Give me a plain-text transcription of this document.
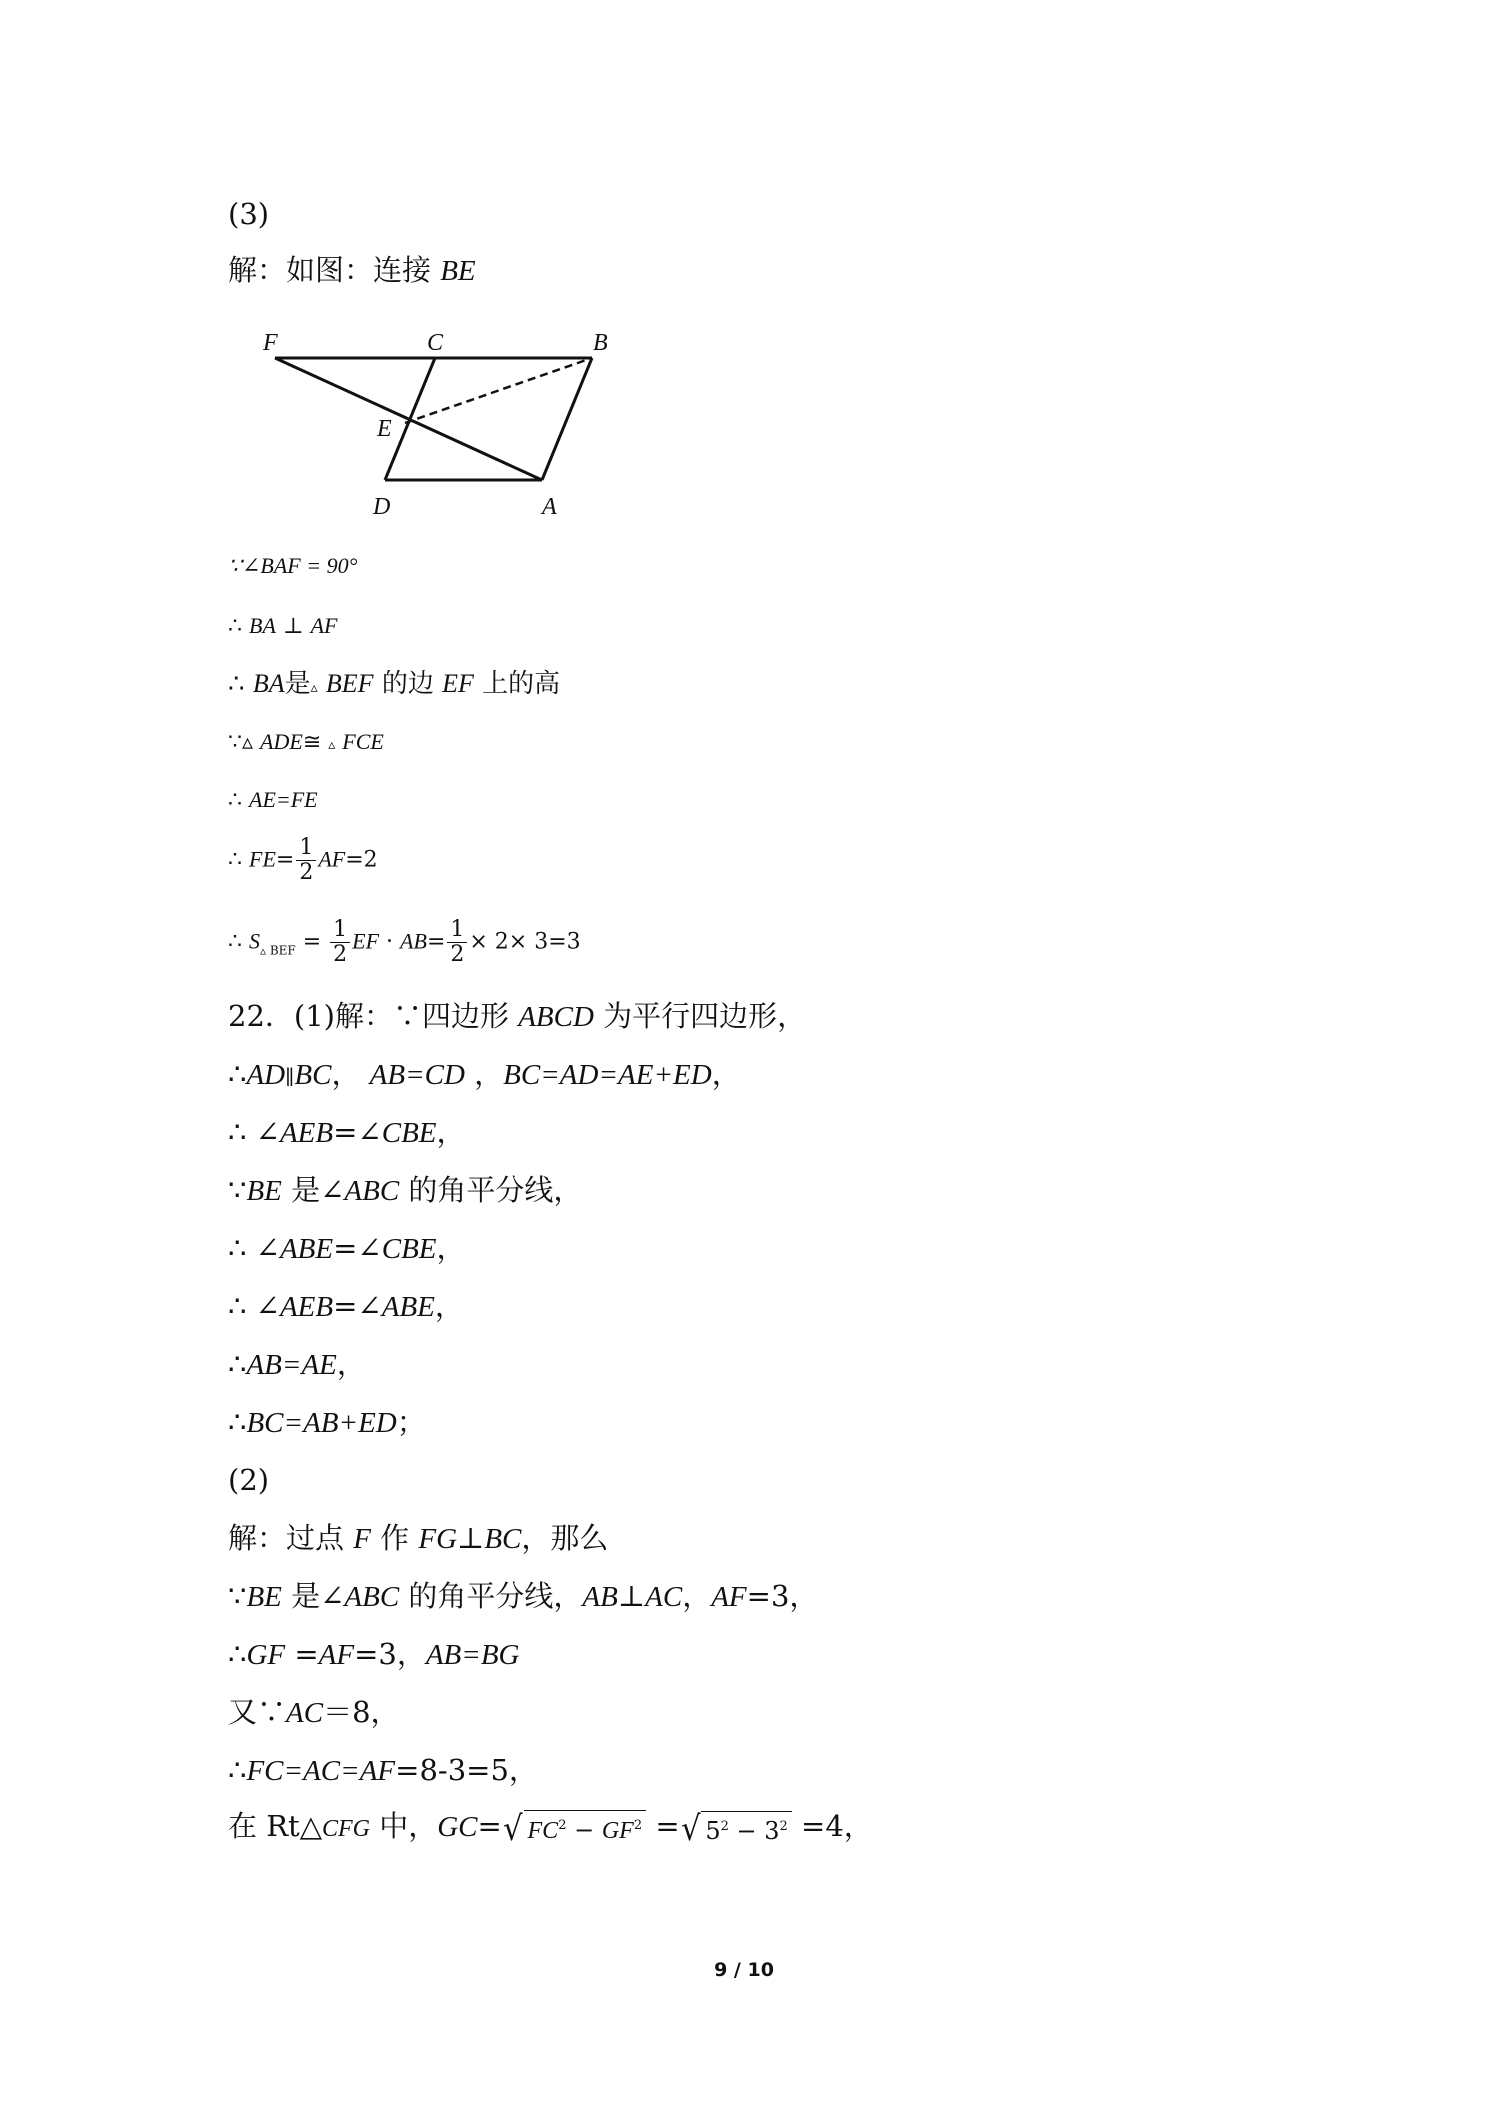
(3)
解：如图：连接 BE
F	C	B
E
D	A
∵∠BAF = 90°
∴ BA ⊥ AF
∴ BA是▵ BEF 的边 EF 上的高
∵▵ ADE≅ ▵ FCE
∴ AE=FE
∴ $FE= \frac{1}{2} AF=2$
∴ $S_{▵ BEF} = \frac{1}{2}$ EF · $AB= \frac{1}{2} \times 2\times 3=3$
22．(1)解：∵四边形 ABCD 为平行四边形，
∴AD∥BC， AB=CD ，BC=AD=AE+ED，
∴ ∠AEB=∠CBE，
∵BE 是∠ABC 的角平分线，
∴ ∠ABE=∠CBE，
∴ ∠AEB=∠ABE，
∴AB=AE，
∴BC=AB+ED；
(2)
解：过点 F 作 FG⊥BC，那么
∵BE 是∠ABC 的角平分线，AB⊥AC，AF=3，
∴GF =AF=3，AB=BG
又∵AC＝8，
∴FC=AC=AF=8-3=5，
在 Rt△CFG 中，GC= √ $FC^2 - GF^2$ = √ $5^2 - 3^2 =4$，
9 / 10
